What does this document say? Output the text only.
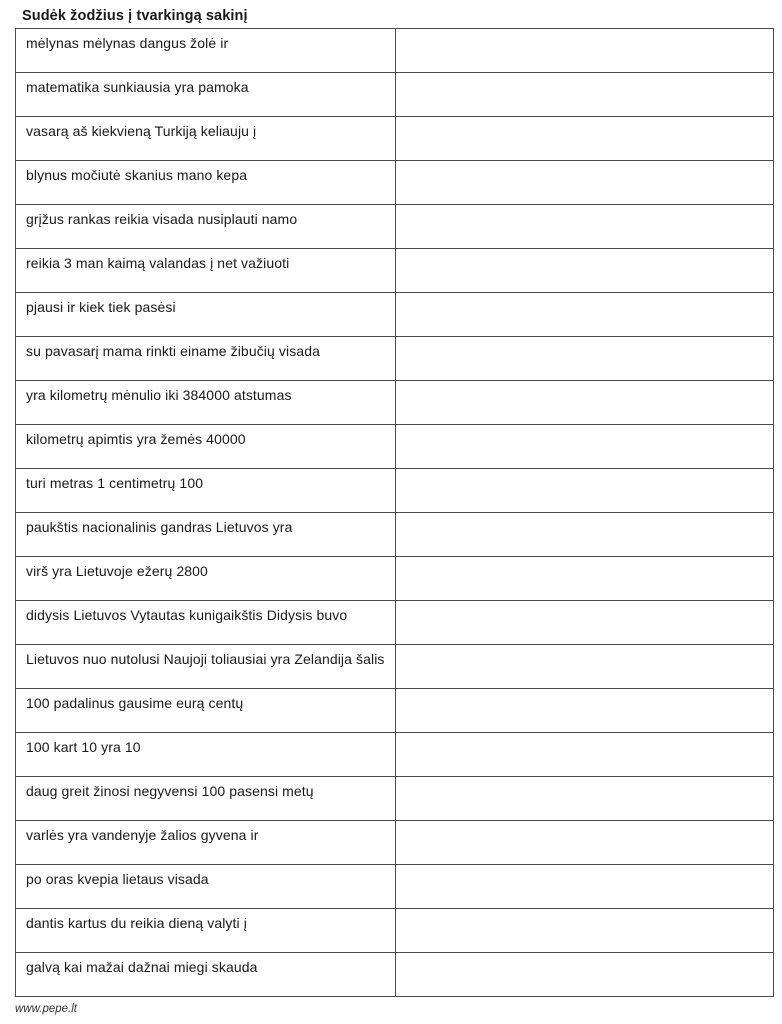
Sudėk žodžius į tvarkingą sakinį
mėlynas mėlynas dangus žolė ir	
matematika sunkiausia yra pamoka	
vasarą aš kiekvieną Turkiją keliauju į	
blynus močiutė skanius mano kepa	
grįžus rankas reikia visada nusiplauti namo	
reikia 3 man kaimą valandas į net važiuoti	
pjausi ir kiek tiek pasėsi	
su pavasarį mama rinkti einame žibučių visada	
yra kilometrų mėnulio iki 384000 atstumas	
kilometrų apimtis yra žemės 40000	
turi metras 1 centimetrų 100	
paukštis nacionalinis gandras Lietuvos yra	
virš yra Lietuvoje ežerų 2800	
didysis Lietuvos Vytautas kunigaikštis Didysis buvo	
Lietuvos nuo nutolusi Naujoji toliausiai yra Zelandija šalis	
100 padalinus gausime eurą centų	
100 kart 10 yra 10	
daug greit žinosi negyvensi 100 pasensi metų	
varlės yra vandenyje žalios gyvena ir	
po oras kvepia lietaus visada	
dantis kartus du reikia dieną valyti į	
galvą kai mažai dažnai miegi skauda	
www.pepe.lt
